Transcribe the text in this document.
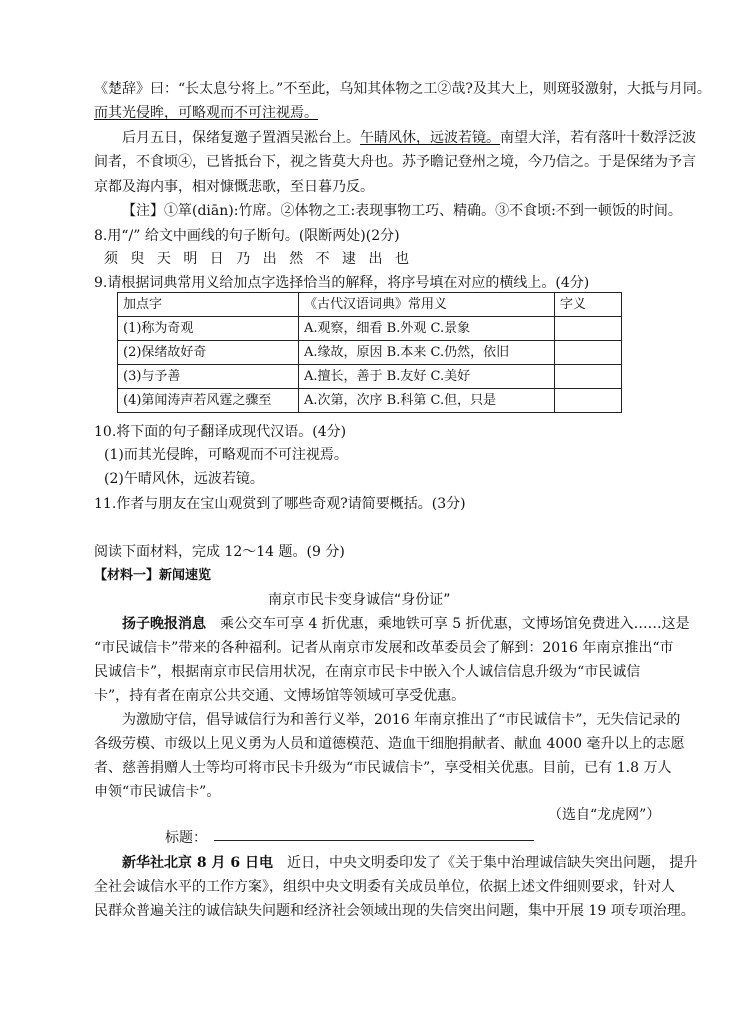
《楚辞》曰：“长太息兮将上。”不至此，乌知其体物之工②哉?及其大上，则斑驳激射，大抵与月同。
而其光侵眸，可略观而不可注视焉。
后月五日，保绪复邀子置酒吴淞台上。午睛风休，远波若镜。南望大洋，若有落叶十数浮泛波
间者，不食顷④，已皆抵台下，视之皆莫大舟也。苏予瞻记登州之境，今乃信之。于是保绪为予言
京都及海内事，相对慷慨悲歌，至日暮乃反。
【注】①箪(diān):竹席。②体物之工:表现事物工巧、精确。③不食顷:不到一顿饭的时间。
8.用“/” 给文中画线的句子断句。(限断两处)(2分)
须 臾 天 明 日 乃 出 然 不 逮 出 也
9.请根据词典常用义给加点字选择恰当的解释，将序号填在对应的横线上。(4分)
加点字	《古代汉语词典》常用义	字义
(1)称为奇观	A.观察，细看 B.外观 C.景象	
(2)保绪故好奇	A.缘故，原因 B.本来 C.仍然，依旧	
(3)与予善	A.擅长，善于 B.友好 C.美好	
(4)第闻涛声若风霆之骤至	A.次第，次序 B.科第 C.但，只是	
10.将下面的句子翻译成现代汉语。(4分)
(1)而其光侵眸，可略观而不可注视焉。
(2)午晴风休，远波若镜。
11.作者与朋友在宝山观赏到了哪些奇观?请简要概括。(3分)
阅读下面材料，完成 12～14 题。(9 分)
【材料一】新闻速览
南京市民卡变身诚信“身份证”
扬子晚报消息 乘公交车可享 4 折优惠，乘地铁可享 5 折优惠，文博场馆免费进入……这是
“市民诚信卡”带来的各种福利。记者从南京市发展和改革委员会了解到：2016 年南京推出“市
民诚信卡”，根据南京市民信用状况，在南京市民卡中嵌入个人诚信信息升级为“市民诚信
卡”，持有者在南京公共交通、文博场馆等领域可享受优惠。
为激励守信，倡导诚信行为和善行义举，2016 年南京推出了“市民诚信卡”，无失信记录的
各级劳模、市级以上见义勇为人员和道德模范、造血干细胞捐献者、献血 4000 毫升以上的志愿
者、慈善捐赠人士等均可将市民卡升级为“市民诚信卡”，享受相关优惠。目前，已有 1.8 万人
申领“市民诚信卡”。
（选自“龙虎网”）
标题：
新华社北京 8 月 6 日电 近日，中央文明委印发了《关于集中治理诚信缺失突出问题， 提升
全社会诚信水平的工作方案》，组织中央文明委有关成员单位，依据上述文件细则要求，针对人
民群众普遍关注的诚信缺失问题和经济社会领域出现的失信突出问题，集中开展 19 项专项治理。
